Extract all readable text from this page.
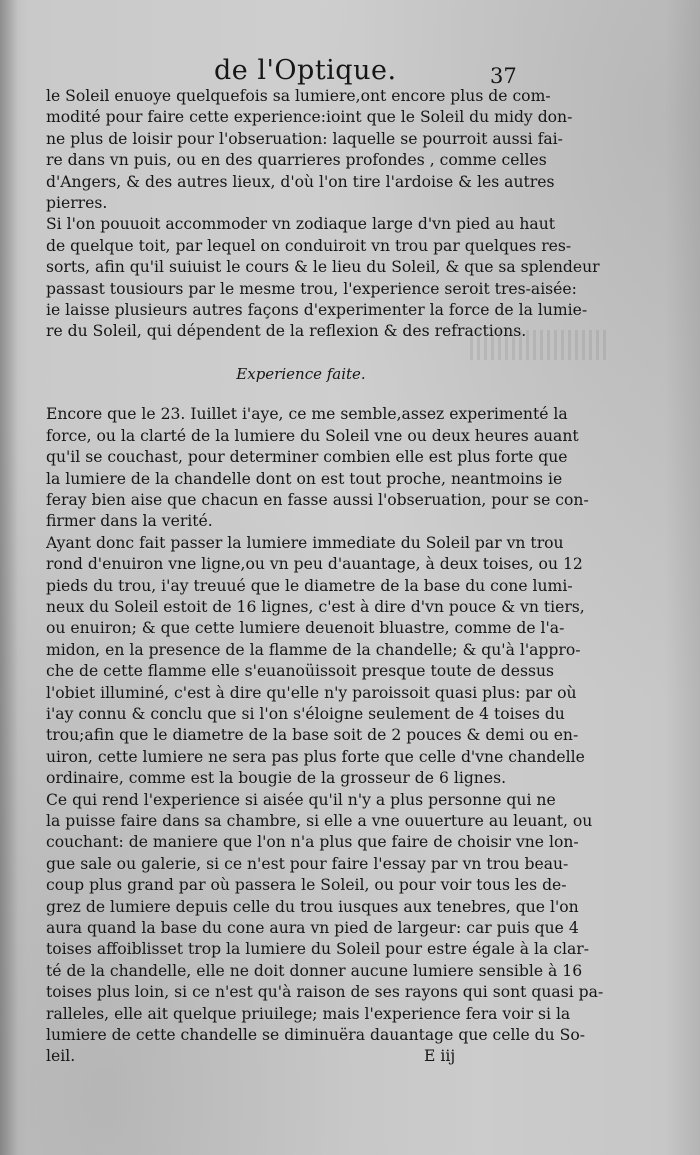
de l'Optique.	37
le Soleil enuoye quelquefois sa lumiere,ont encore plus de com-
modité pour faire cette experience:ioint que le Soleil du midy don-
ne plus de loisir pour l'obseruation: laquelle se pourroit aussi fai-
re dans vn puis, ou en des quarrieres profondes , comme celles
d'Angers, & des autres lieux, d'où l'on tire l'ardoise & les autres
pierres.
Si l'on pouuoit accommoder vn zodiaque large d'vn pied au haut
de quelque toit, par lequel on conduiroit vn trou par quelques res-
sorts, afin qu'il suiuist le cours & le lieu du Soleil, & que sa splendeur
passast tousiours par le mesme trou, l'experience seroit tres-aisée:
ie laisse plusieurs autres façons d'experimenter la force de la lumie-
re du Soleil, qui dépendent de la reflexion & des refractions.
Experience faite.
Encore que le 23. Iuillet i'aye, ce me semble,assez experimenté la
force, ou la clarté de la lumiere du Soleil vne ou deux heures auant
qu'il se couchast, pour determiner combien elle est plus forte que
la lumiere de la chandelle dont on est tout proche, neantmoins ie
feray bien aise que chacun en fasse aussi l'obseruation, pour se con-
firmer dans la verité.
Ayant donc fait passer la lumiere immediate du Soleil par vn trou
rond d'enuiron vne ligne,ou vn peu d'auantage, à deux toises, ou 12
pieds du trou, i'ay treuué que le diametre de la base du cone lumi-
neux du Soleil estoit de 16 lignes, c'est à dire d'vn pouce & vn tiers,
ou enuiron; & que cette lumiere deuenoit bluastre, comme de l'a-
midon, en la presence de la flamme de la chandelle; & qu'à l'appro-
che de cette flamme elle s'euanoüissoit presque toute de dessus
l'obiet illuminé, c'est à dire qu'elle n'y paroissoit quasi plus: par où
i'ay connu & conclu que si l'on s'éloigne seulement de 4 toises du
trou;afin que le diametre de la base soit de 2 pouces & demi ou en-
uiron, cette lumiere ne sera pas plus forte que celle d'vne chandelle
ordinaire, comme est la bougie de la grosseur de 6 lignes.
Ce qui rend l'experience si aisée qu'il n'y a plus personne qui ne
la puisse faire dans sa chambre, si elle a vne ouuerture au leuant, ou
couchant: de maniere que l'on n'a plus que faire de choisir vne lon-
gue sale ou galerie, si ce n'est pour faire l'essay par vn trou beau-
coup plus grand par où passera le Soleil, ou pour voir tous les de-
grez de lumiere depuis celle du trou iusques aux tenebres, que l'on
aura quand la base du cone aura vn pied de largeur: car puis que 4
toises affoiblisset trop la lumiere du Soleil pour estre égale à la clar-
té de la chandelle, elle ne doit donner aucune lumiere sensible à 16
toises plus loin, si ce n'est qu'à raison de ses rayons qui sont quasi pa-
ralleles, elle ait quelque priuilege; mais l'experience fera voir si la
lumiere de cette chandelle se diminuëra dauantage que celle du So-
leil.	E iij
